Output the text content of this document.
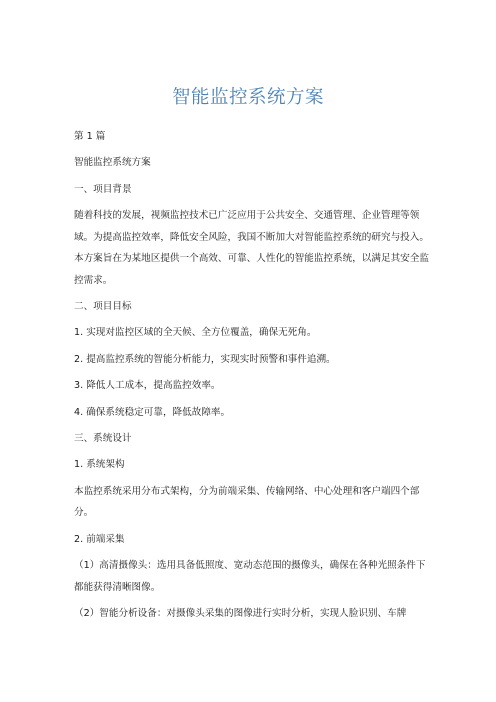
智能监控系统方案

第 1 篇

智能监控系统方案

一、项目背景

随着科技的发展，视频监控技术已广泛应用于公共安全、交通管理、企业管理等领域。为提高监控效率，降低安全风险，我国不断加大对智能监控系统的研究与投入。本方案旨在为某地区提供一个高效、可靠、人性化的智能监控系统，以满足其安全监控需求。

二、项目目标

1. 实现对监控区域的全天候、全方位覆盖，确保无死角。

2. 提高监控系统的智能分析能力，实现实时预警和事件追溯。

3. 降低人工成本，提高监控效率。

4. 确保系统稳定可靠，降低故障率。

三、系统设计

1. 系统架构

本监控系统采用分布式架构，分为前端采集、传输网络、中心处理和客户端四个部分。

2. 前端采集

（1）高清摄像头：选用具备低照度、宽动态范围的摄像头，确保在各种光照条件下都能获得清晰图像。

（2）智能分析设备：对摄像头采集的图像进行实时分析，实现人脸识别、车牌
